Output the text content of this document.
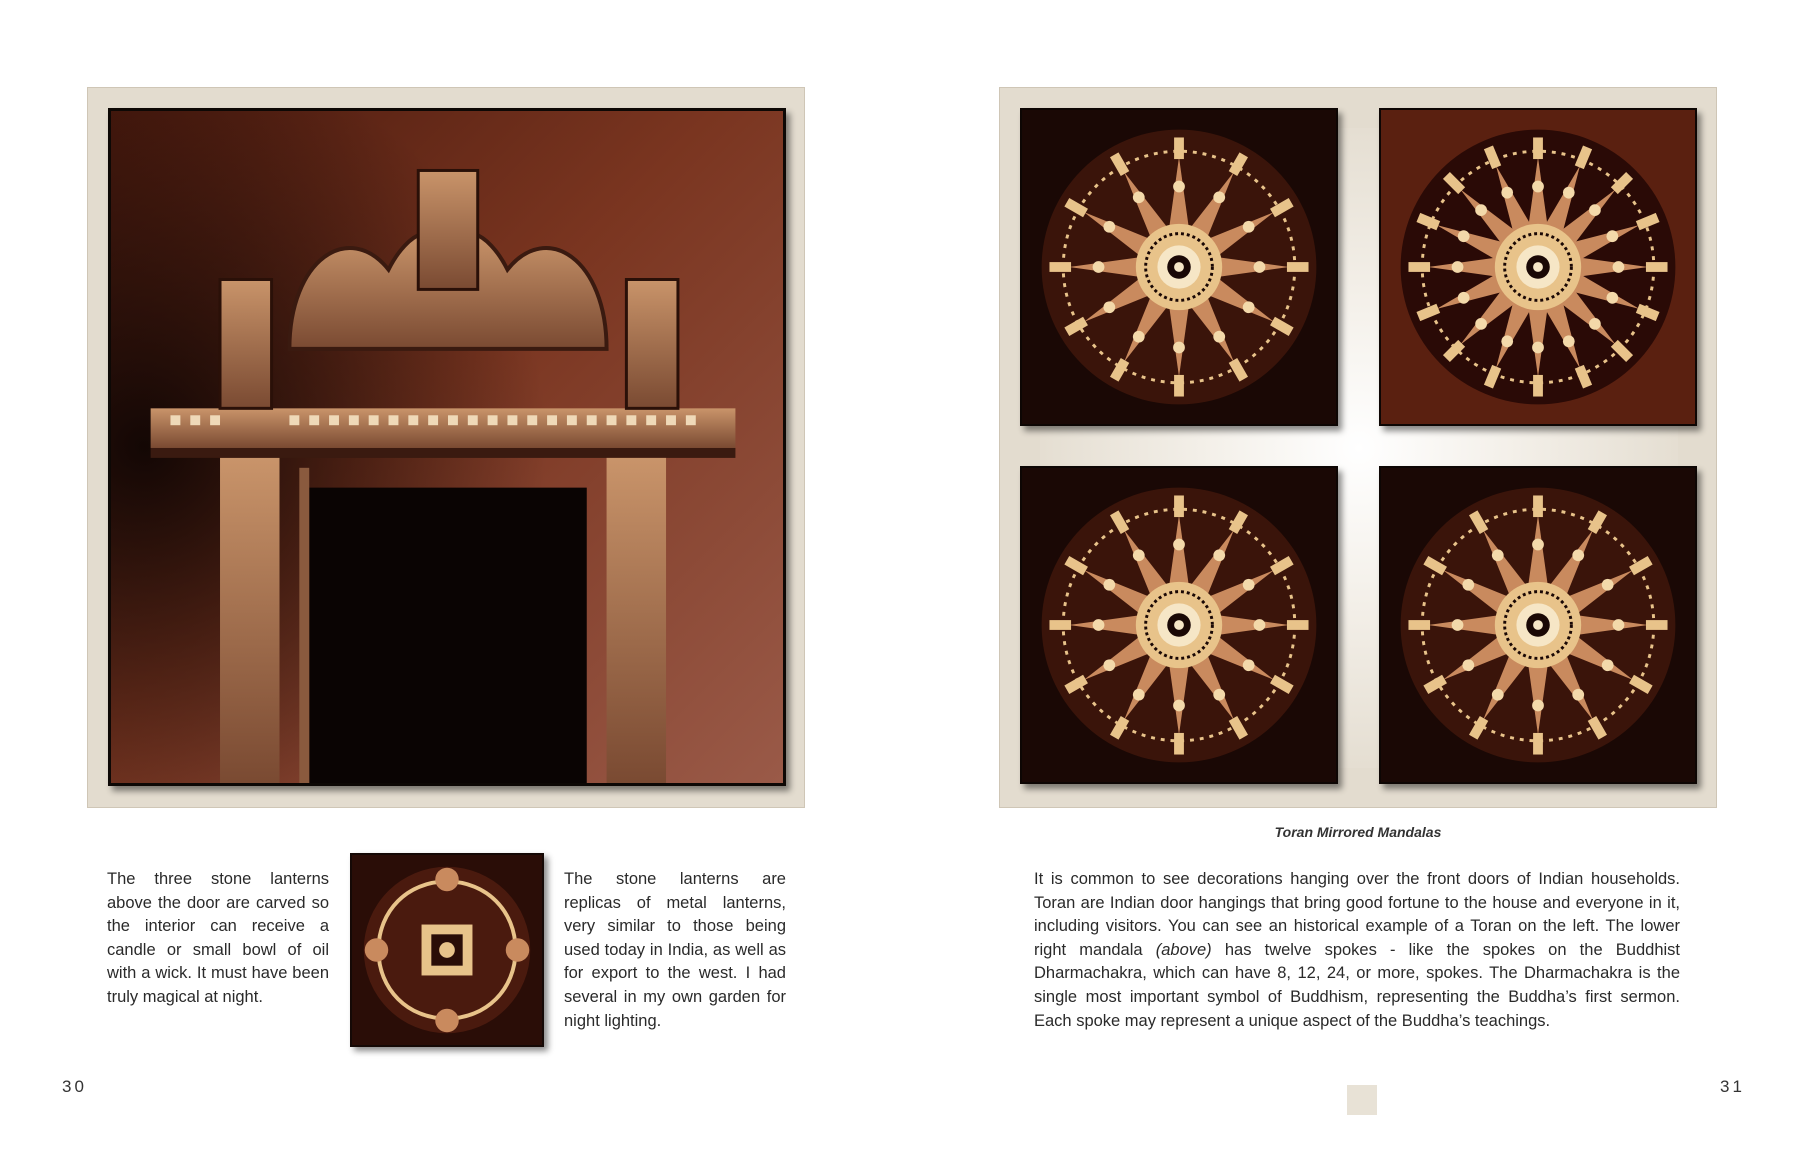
The three stone lanterns above the door are carved so the interior can receive a candle or small bowl of oil with a wick. It must have been truly magical at night.
The stone lanterns are replicas of metal lanterns, very similar to those being used today in India, as well as for export to the west. I had several in my own garden for night lighting.
30
Toran Mirrored Mandalas
It is common to see decorations hanging over the front doors of Indian households. Toran are Indian door hangings that bring good fortune to the house and everyone in it, including visitors. You can see an historical example of a Toran on the left. The lower right mandala (above) has twelve spokes - like the spokes on the Buddhist Dharmachakra, which can have 8, 12, 24, or more, spokes. The Dharmachakra is the single most important symbol of Buddhism, representing the Buddha’s first sermon. Each spoke may represent a unique aspect of the Buddha’s teachings.
31
